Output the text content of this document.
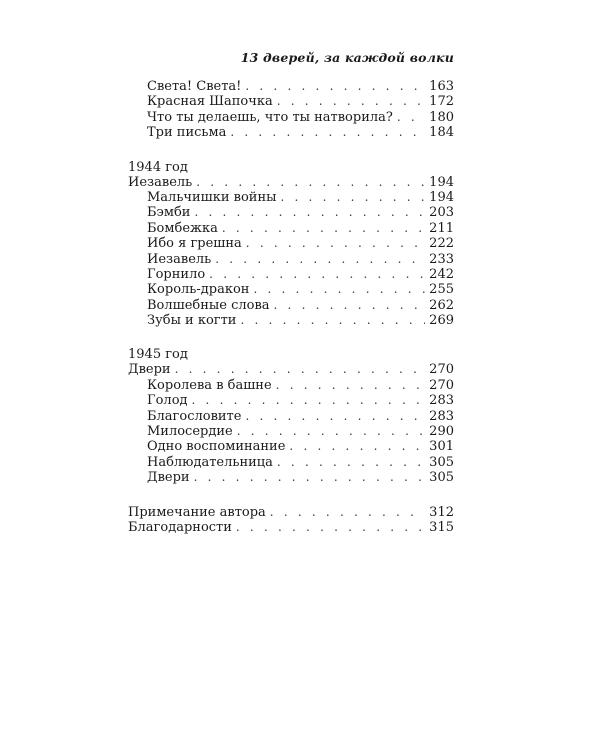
13 дверей, за каждой волки
Света! Света! . . .	163
Красная Шапочка . . .	172
Что ты делаешь, что ты натворила? . . .	180
Три письма . . .	184
1944 год
Иезавель . . .	194
Мальчишки войны . . .	194
Бэмби . . .	203
Бомбежка . . .	211
Ибо я грешна . . .	222
Иезавель . . .	233
Горнило . . .	242
Король-дракон . . .	255
Волшебные слова . . .	262
Зубы и когти . . .	269
1945 год
Двери . . .	270
Королева в башне . . .	270
Голод . . .	283
Благословите . . .	283
Милосердие . . .	290
Одно воспоминание . . .	301
Наблюдательница . . .	305
Двери . . .	305
Примечание автора . . .	312
Благодарности . . .	315
